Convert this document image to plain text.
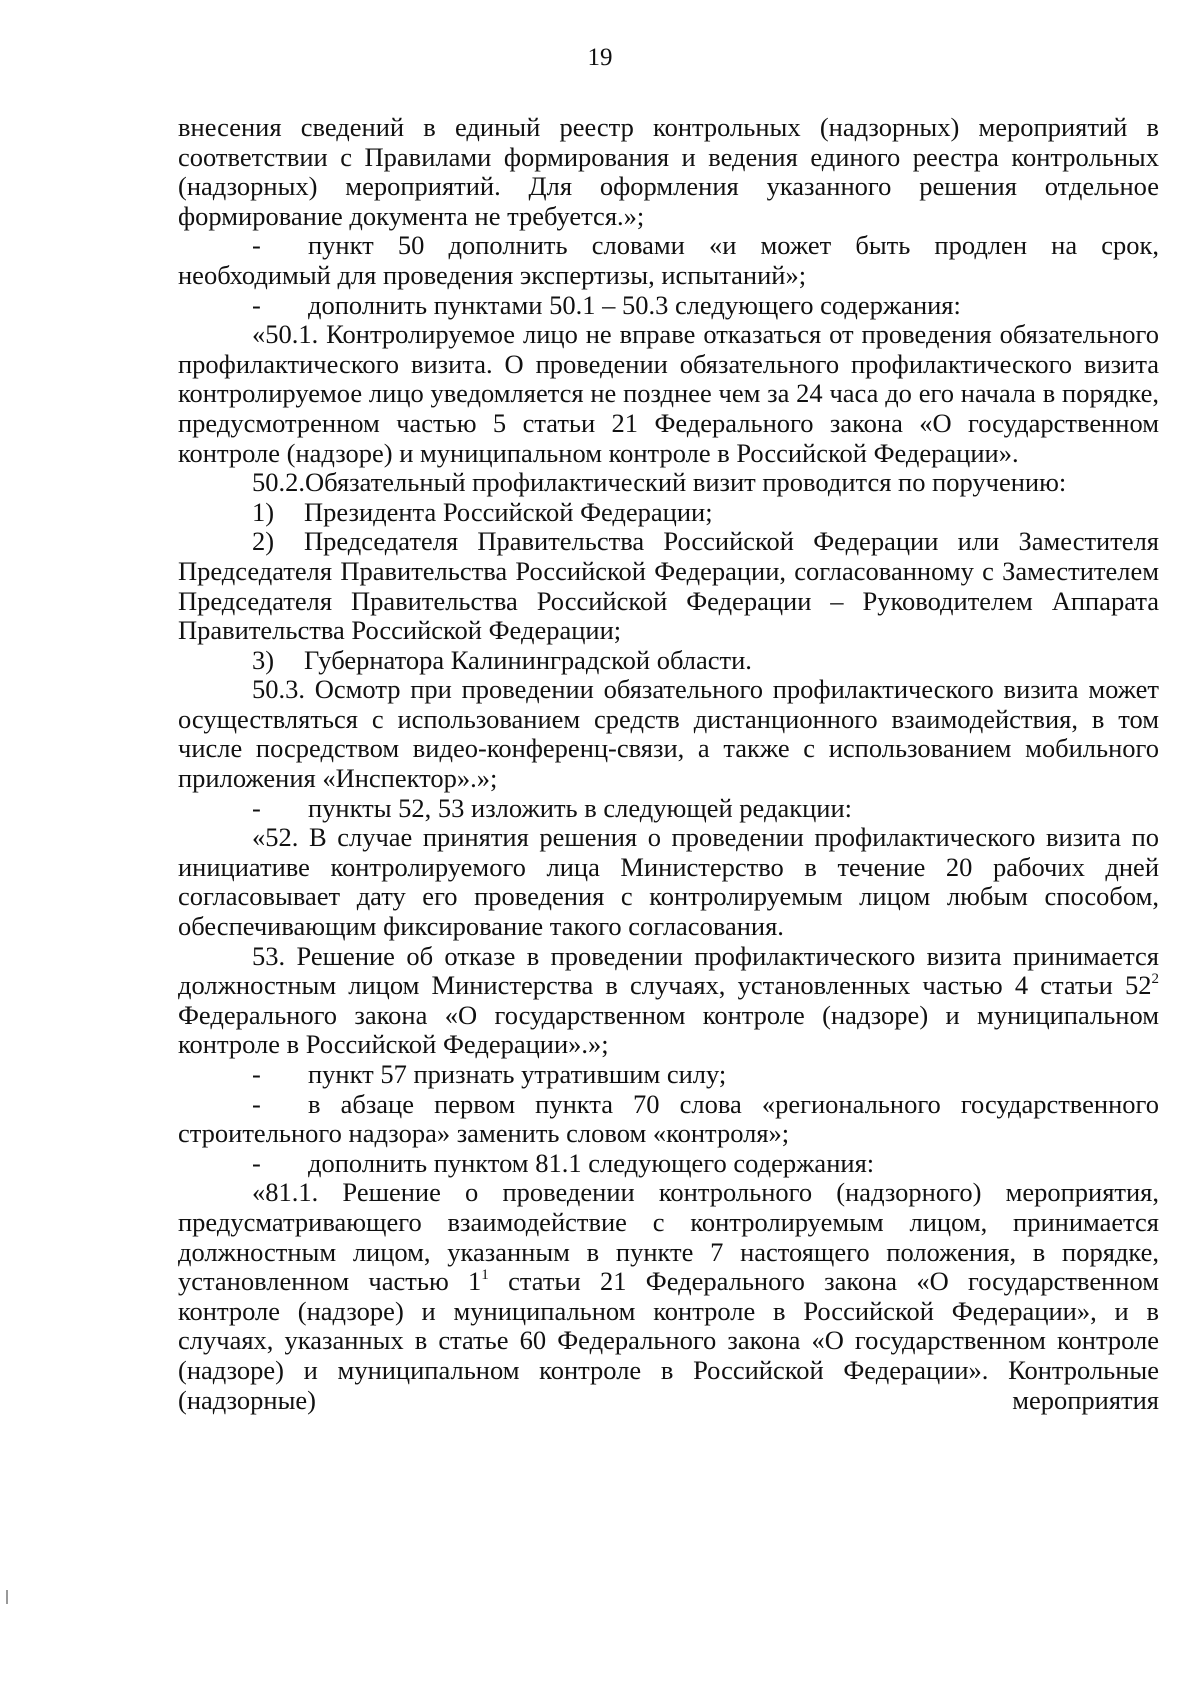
19

внесения сведений в единый реестр контрольных (надзорных) мероприятий в соответствии с Правилами формирования и ведения единого реестра контрольных (надзорных) мероприятий. Для оформления указанного решения отдельное формирование документа не требуется.»;

- пункт 50 дополнить словами «и может быть продлен на срок, необходимый для проведения экспертизы, испытаний»;

- дополнить пунктами 50.1 – 50.3 следующего содержания:

«50.1. Контролируемое лицо не вправе отказаться от проведения обязательного профилактического визита. О проведении обязательного профилактического визита контролируемое лицо уведомляется не позднее чем за 24 часа до его начала в порядке, предусмотренном частью 5 статьи 21 Федерального закона «О государственном контроле (надзоре) и муниципальном контроле в Российской Федерации».

50.2.Обязательный профилактический визит проводится по поручению:

1) Президента Российской Федерации;

2) Председателя Правительства Российской Федерации или Заместителя Председателя Правительства Российской Федерации, согласованному с Заместителем Председателя Правительства Российской Федерации – Руководителем Аппарата Правительства Российской Федерации;

3) Губернатора Калининградской области.

50.3. Осмотр при проведении обязательного профилактического визита может осуществляться с использованием средств дистанционного взаимодействия, в том числе посредством видео-конференц-связи, а также с использованием мобильного приложения «Инспектор».»;

- пункты 52, 53 изложить в следующей редакции:

«52. В случае принятия решения о проведении профилактического визита по инициативе контролируемого лица Министерство в течение 20 рабочих дней согласовывает дату его проведения с контролируемым лицом любым способом, обеспечивающим фиксирование такого согласования.

53. Решение об отказе в проведении профилактического визита принимается должностным лицом Министерства в случаях, установленных частью 4 статьи $52^2$ Федерального закона «О государственном контроле (надзоре) и муниципальном контроле в Российской Федерации».»;

- пункт 57 признать утратившим силу;

- в абзаце первом пункта 70 слова «регионального государственного строительного надзора» заменить словом «контроля»;

- дополнить пунктом 81.1 следующего содержания:

«81.1. Решение о проведении контрольного (надзорного) мероприятия, предусматривающего взаимодействие с контролируемым лицом, принимается должностным лицом, указанным в пункте 7 настоящего положения, в порядке, установленном частью $1^1$ статьи 21 Федерального закона «О государственном контроле (надзоре) и муниципальном контроле в Российской Федерации», и в случаях, указанных в статье 60 Федерального закона «О государственном контроле (надзоре) и муниципальном контроле в Российской Федерации». Контрольные (надзорные) мероприятия
